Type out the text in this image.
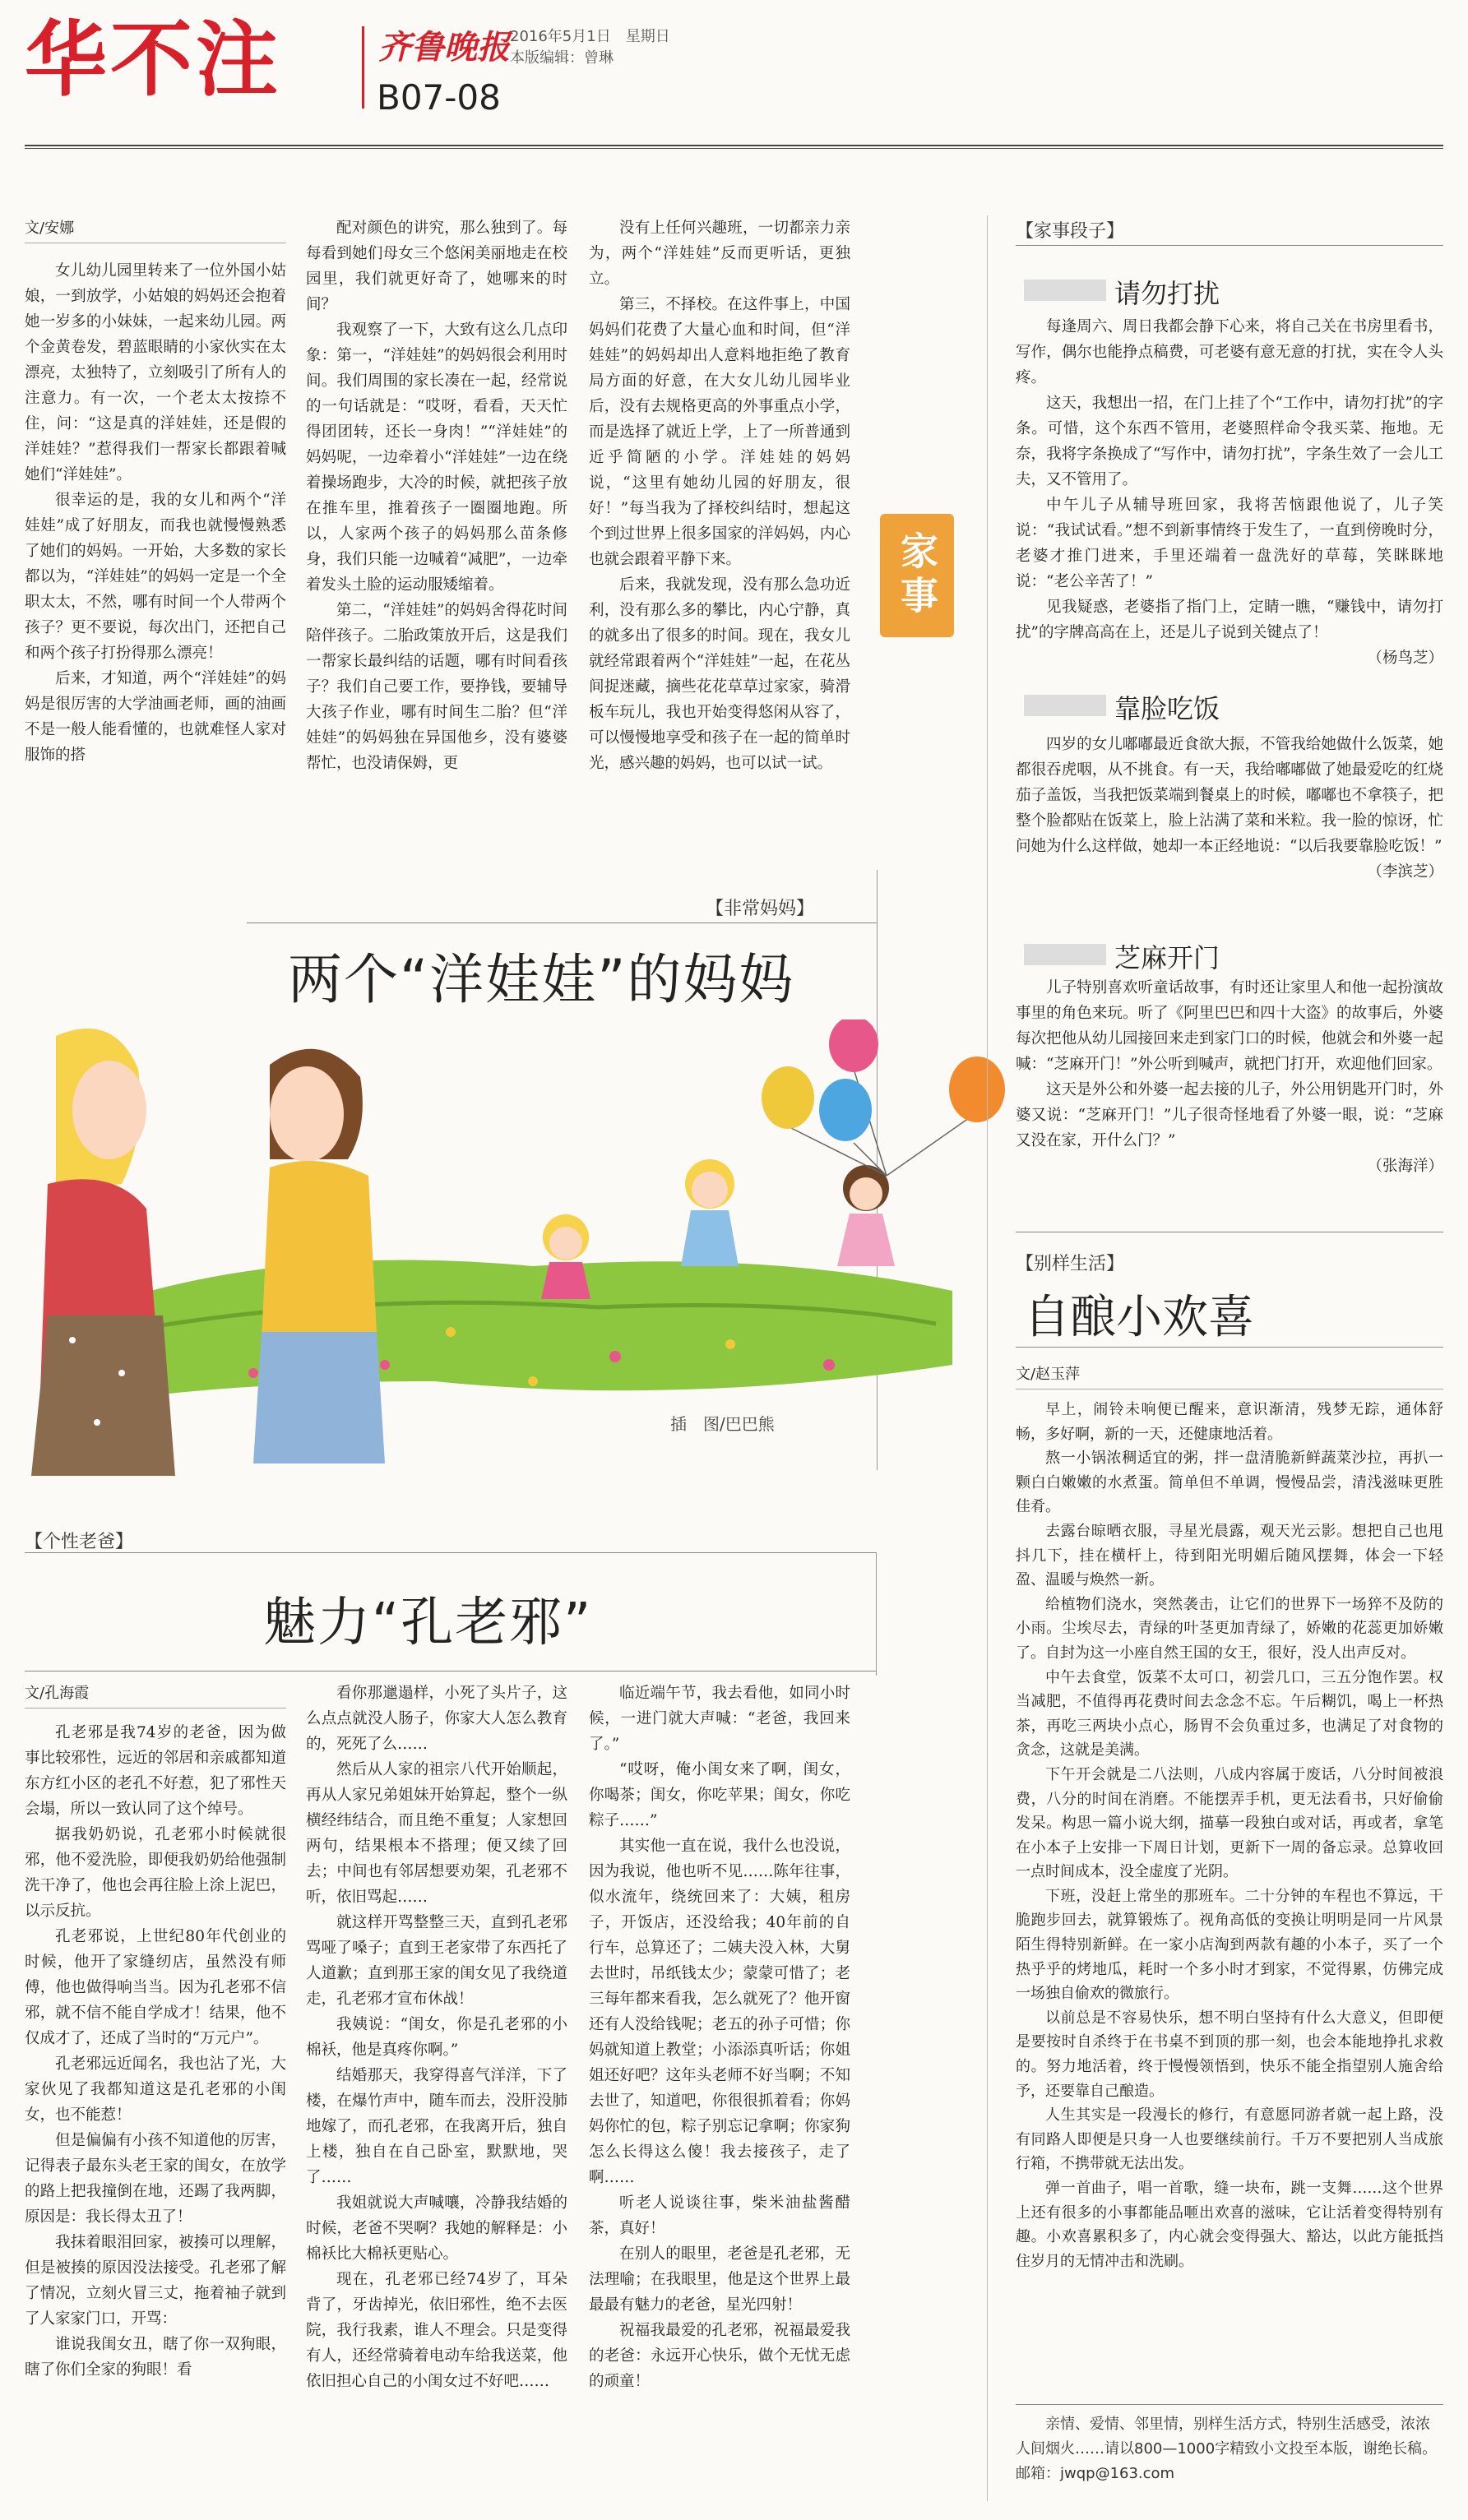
华不注	齐鲁晚报 2016年5月1日　星期日
本版编辑：曾琳
B07-08

文/安娜

女儿幼儿园里转来了一位外国小姑娘，一到放学，小姑娘的妈妈还会抱着她一岁多的小妹妹，一起来幼儿园。两个金黄卷发，碧蓝眼睛的小家伙实在太漂亮，太独特了，立刻吸引了所有人的注意力。有一次，一个老太太按捺不住，问：“这是真的洋娃娃，还是假的洋娃娃？”惹得我们一帮家长都跟着喊她们“洋娃娃”。

很幸运的是，我的女儿和两个“洋娃娃”成了好朋友，而我也就慢慢熟悉了她们的妈妈。一开始，大多数的家长都以为，“洋娃娃”的妈妈一定是一个全职太太，不然，哪有时间一个人带两个孩子？更不要说，每次出门，还把自己和两个孩子打扮得那么漂亮！

后来，才知道，两个“洋娃娃”的妈妈是很厉害的大学油画老师，画的油画不是一般人能看懂的，也就难怪人家对服饰的搭

配对颜色的讲究，那么独到了。每每看到她们母女三个悠闲美丽地走在校园里，我们就更好奇了，她哪来的时间？

我观察了一下，大致有这么几点印象：第一，“洋娃娃”的妈妈很会利用时间。我们周围的家长凑在一起，经常说的一句话就是：“哎呀，看看，天天忙得团团转，还长一身肉！”“洋娃娃”的妈妈呢，一边牵着小“洋娃娃”一边在绕着操场跑步，大冷的时候，就把孩子放在推车里，推着孩子一圈圈地跑。所以，人家两个孩子的妈妈那么苗条修身，我们只能一边喊着“减肥”，一边牵着发头土脸的运动服矮缩着。

第二，“洋娃娃”的妈妈舍得花时间陪伴孩子。二胎政策放开后，这是我们一帮家长最纠结的话题，哪有时间看孩子？我们自己要工作，要挣钱，要辅导大孩子作业，哪有时间生二胎？但“洋娃娃”的妈妈独在异国他乡，没有婆婆帮忙，也没请保姆，更

没有上任何兴趣班，一切都亲力亲为，两个“洋娃娃”反而更听话，更独立。

第三，不择校。在这件事上，中国妈妈们花费了大量心血和时间，但“洋娃娃”的妈妈却出人意料地拒绝了教育局方面的好意，在大女儿幼儿园毕业后，没有去规格更高的外事重点小学，而是选择了就近上学，上了一所普通到近乎简陋的小学。洋娃娃的妈妈说，“这里有她幼儿园的好朋友，很好！”每当我为了择校纠结时，想起这个到过世界上很多国家的洋妈妈，内心也就会跟着平静下来。

后来，我就发现，没有那么急功近利，没有那么多的攀比，内心宁静，真的就多出了很多的时间。现在，我女儿就经常跟着两个“洋娃娃”一起，在花丛间捉迷藏，摘些花花草草过家家，骑滑板车玩儿，我也开始变得悠闲从容了，可以慢慢地享受和孩子在一起的简单时光，感兴趣的妈妈，也可以试一试。

家事
【非常妈妈】
两个“洋娃娃”的妈妈
插　图/巴巴熊
【个性老爸】
魅力“孔老邪”

文/孔海霞

孔老邪是我74岁的老爸，因为做事比较邪性，远近的邻居和亲戚都知道东方红小区的老孔不好惹，犯了邪性天会塌，所以一致认同了这个绰号。

据我奶奶说，孔老邪小时候就很邪，他不爱洗脸，即便我奶奶给他强制洗干净了，他也会再往脸上涂上泥巴，以示反抗。

孔老邪说，上世纪80年代创业的时候，他开了家缝纫店，虽然没有师傅，他也做得响当当。因为孔老邪不信邪，就不信不能自学成才！结果，他不仅成才了，还成了当时的“万元户”。

孔老邪远近闻名，我也沾了光，大家伙见了我都知道这是孔老邪的小闺女，也不能惹！

但是偏偏有小孩不知道他的厉害，记得表子最东头老王家的闺女，在放学的路上把我撞倒在地，还踢了我两脚，原因是：我长得太丑了！

我抹着眼泪回家，被揍可以理解，但是被揍的原因没法接受。孔老邪了解了情况，立刻火冒三丈，拖着袖子就到了人家家门口，开骂：

谁说我闺女丑，瞎了你一双狗眼，瞎了你们全家的狗眼！看

看你那邋遢样，小死了头片子，这么点点就没人肠子，你家大人怎么教育的，死死了么……

然后从人家的祖宗八代开始顺起，再从人家兄弟姐妹开始算起，整个一纵横经纬结合，而且绝不重复；人家想回两句，结果根本不搭理；便又续了回去；中间也有邻居想要劝架，孔老邪不听，依旧骂起……

就这样开骂整整三天，直到孔老邪骂哑了嗓子；直到王老家带了东西托了人道歉；直到那王家的闺女见了我绕道走，孔老邪才宣布休战！

我姨说：“闺女，你是孔老邪的小棉袄，他是真疼你啊。”

结婚那天，我穿得喜气洋洋，下了楼，在爆竹声中，随车而去，没肝没肺地嫁了，而孔老邪，在我离开后，独自上楼，独自在自己卧室，默默地，哭了……

我姐就说大声喊嚷，冷静我结婚的时候，老爸不哭啊？我她的解释是：小棉袄比大棉袄更贴心。

现在，孔老邪已经74岁了，耳朵背了，牙齿掉光，依旧邪性，绝不去医院，我行我素，谁人不理会。只是变得有人，还经常骑着电动车给我送菜，他依旧担心自己的小闺女过不好吧……

临近端午节，我去看他，如同小时候，一进门就大声喊：“老爸，我回来了。”

“哎呀，俺小闺女来了啊，闺女，你喝茶；闺女，你吃苹果；闺女，你吃粽子……”

其实他一直在说，我什么也没说，因为我说，他也听不见……陈年往事，似水流年，绕统回来了：大姨，租房子，开饭店，还没给我；40年前的自行车，总算还了；二姨夫没入林，大舅去世时，吊纸钱太少；蒙蒙可惜了；老三每年都来看我，怎么就死了？他开窗还有人没给钱呢；老五的孙子可惜；你妈就知道上教堂；小添添真听话；你姐姐还好吧？这年头老师不好当啊；不知去世了，知道吧，你很很抓着看；你妈妈你忙的包，粽子别忘记拿啊；你家狗怎么长得这么傻！我去接孩子，走了啊……

听老人说谈往事，柴米油盐酱醋茶，真好！

在别人的眼里，老爸是孔老邪，无法理喻；在我眼里，他是这个世界上最最最有魅力的老爸，星光四射！

祝福我最爱的孔老邪，祝福最爱我的老爸：永远开心快乐，做个无忧无虑的顽童！

【家事段子】
请勿打扰

每逢周六、周日我都会静下心来，将自己关在书房里看书，写作，偶尔也能挣点稿费，可老婆有意无意的打扰，实在令人头疼。

这天，我想出一招，在门上挂了个“工作中，请勿打扰”的字条。可惜，这个东西不管用，老婆照样命令我买菜、拖地。无奈，我将字条换成了“写作中，请勿打扰”，字条生效了一会儿工夫，又不管用了。

中午儿子从辅导班回家，我将苦恼跟他说了，儿子笑说：“我试试看。”想不到新事情终于发生了，一直到傍晚时分，老婆才推门进来，手里还端着一盘洗好的草莓，笑眯眯地说：“老公辛苦了！”

见我疑惑，老婆指了指门上，定睛一瞧，“赚钱中，请勿打扰”的字牌高高在上，还是儿子说到关键点了！

（杨鸟芝）

靠脸吃饭

四岁的女儿嘟嘟最近食欲大振，不管我给她做什么饭菜，她都很吞虎咽，从不挑食。有一天，我给嘟嘟做了她最爱吃的红烧茄子盖饭，当我把饭菜端到餐桌上的时候，嘟嘟也不拿筷子，把整个脸都贴在饭菜上，脸上沾满了菜和米粒。我一脸的惊讶，忙问她为什么这样做，她却一本正经地说：“以后我要靠脸吃饭！”

（李滨芝）

芝麻开门

儿子特别喜欢听童话故事，有时还让家里人和他一起扮演故事里的角色来玩。听了《阿里巴巴和四十大盗》的故事后，外婆每次把他从幼儿园接回来走到家门口的时候，他就会和外婆一起喊：“芝麻开门！”外公听到喊声，就把门打开，欢迎他们回家。

这天是外公和外婆一起去接的儿子，外公用钥匙开门时，外婆又说：“芝麻开门！”儿子很奇怪地看了外婆一眼，说：“芝麻又没在家，开什么门？”

（张海洋）

【别样生活】
自酿小欢喜

文/赵玉萍

早上，闹铃未响便已醒来，意识渐清，残梦无踪，通体舒畅，多好啊，新的一天，还健康地活着。

熬一小锅浓稠适宜的粥，拌一盘清脆新鲜蔬菜沙拉，再扒一颗白白嫩嫩的水煮蛋。简单但不单调，慢慢品尝，清浅滋味更胜佳肴。

去露台晾晒衣服，寻星光晨露，观天光云影。想把自己也甩抖几下，挂在横杆上，待到阳光明媚后随风摆舞，体会一下轻盈、温暖与焕然一新。

给植物们浇水，突然袭击，让它们的世界下一场猝不及防的小雨。尘埃尽去，青绿的叶茎更加青绿了，娇嫩的花蕊更加娇嫩了。自封为这一小座自然王国的女王，很好，没人出声反对。

中午去食堂，饭菜不太可口，初尝几口，三五分饱作罢。权当减肥，不值得再花费时间去念念不忘。午后糊饥，喝上一杯热茶，再吃三两块小点心，肠胃不会负重过多，也满足了对食物的贪念，这就是美满。

下午开会就是二八法则，八成内容属于废话，八分时间被浪费，八分的时间在消磨。不能摆弄手机，更无法看书，只好偷偷发呆。构思一篇小说大纲，描摹一段独白或对话，再或者，拿笔在小本子上安排一下周日计划，更新下一周的备忘录。总算收回一点时间成本，没全虚度了光阴。

下班，没赶上常坐的那班车。二十分钟的车程也不算远，干脆跑步回去，就算锻炼了。视角高低的变换让明明是同一片风景陌生得特别新鲜。在一家小店淘到两款有趣的小本子，买了一个热乎乎的烤地瓜，耗时一个多小时才到家，不觉得累，仿佛完成一场独自偷欢的微旅行。

以前总是不容易快乐，想不明白坚持有什么大意义，但即便是要按时自杀终于在书桌不到顶的那一刻，也会本能地挣扎求救的。努力地活着，终于慢慢领悟到，快乐不能全指望别人施舍给予，还要靠自己酿造。

人生其实是一段漫长的修行，有意愿同游者就一起上路，没有同路人即便是只身一人也要继续前行。千万不要把别人当成旅行箱，不携带就无法出发。

弹一首曲子，唱一首歌，缝一块布，跳一支舞……这个世界上还有很多的小事都能品咂出欢喜的滋味，它让活着变得特别有趣。小欢喜累积多了，内心就会变得强大、豁达，以此方能抵挡住岁月的无情冲击和洗刷。

亲情、爱情、邻里情，别样生活方式，特别生活感受，浓浓人间烟火……请以800—1000字精致小文投至本版，谢绝长稿。邮箱：jwqp@163.com
